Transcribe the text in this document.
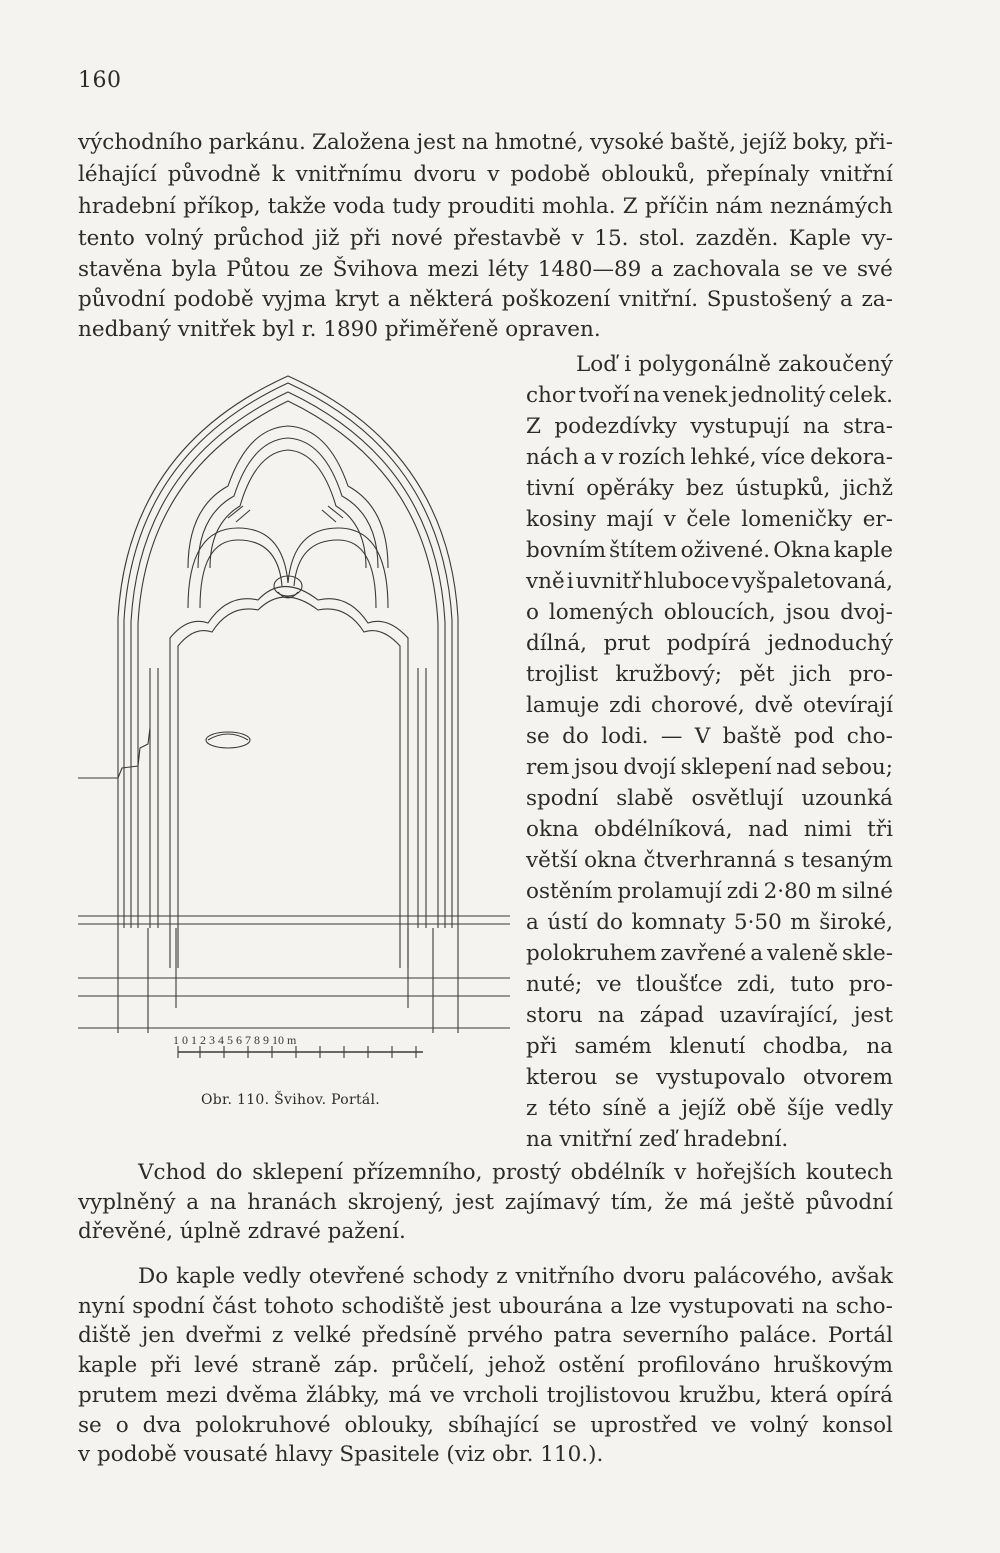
160
východního parkánu. Založena jest na hmotné, vysoké baště, jejíž boky, při-
léhající původně k vnitřnímu dvoru v podobě oblouků, přepínaly vnitřní
hradební příkop, takže voda tudy prouditi mohla. Z příčin nám neznámých
tento volný průchod již při nové přestavbě v 15. stol. zazděn. Kaple vy-
stavěna byla Půtou ze Švihova mezi léty 1480—89 a zachovala se ve své
původní podobě vyjma kryt a některá poškození vnitřní. Spustošený a za-
nedbaný vnitřek byl r. 1890 přiměřeně opraven.
1 0 1 2 3 4 5 6 7 8 9 10 m
Obr. 110. Švihov. Portál.
Loď i polygonálně zakoučený
chor tvoří na venek jednolitý celek.
Z podezdívky vystupují na stra-
nách a v rozích lehké, více dekora-
tivní opěráky bez ústupků, jichž
kosiny mají v čele lomeničky er-
bovním štítem oživené. Okna kaple
vně i uvnitř hluboce vyšpaletovaná,
o lomených obloucích, jsou dvoj-
dílná, prut podpírá jednoduchý
trojlist kružbový; pět jich pro-
lamuje zdi chorové, dvě otevírají
se do lodi. — V baště pod cho-
rem jsou dvojí sklepení nad sebou;
spodní slabě osvětlují uzounká
okna obdélníková, nad nimi tři
větší okna čtverhranná s tesaným
ostěním prolamují zdi 2·80 m silné
a ústí do komnaty 5·50 m široké,
polokruhem zavřené a valeně sklе-
nuté; ve tloušťce zdi, tuto pro-
storu na západ uzavírající, jest
při samém klenutí chodba, na
kterou se vystupovalo otvorem
z této síně a jejíž obě šíje vedly
na vnitřní zeď hradební.
Vchod do sklepení přízemního, prostý obdélník v hořejších koutech
vyplněný a na hranách skrojený, jest zajímavý tím, že má ještě původní
dřevěné, úplně zdravé pažení.
Do kaple vedly otevřené schody z vnitřního dvoru palácového, avšak
nyní spodní část tohoto schodiště jest ubourána a lze vystupovati na scho-
diště jen dveřmi z velké předsíně prvého patra severního paláce. Portál
kaple při levé straně záp. průčelí, jehož ostění profilováno hruškovým
prutem mezi dvěma žlábky, má ve vrcholi trojlistovou kružbu, která opírá
se o dva polokruhové oblouky, sbíhající se uprostřed ve volný konsol
v podobě vousaté hlavy Spasitele (viz obr. 110.).
